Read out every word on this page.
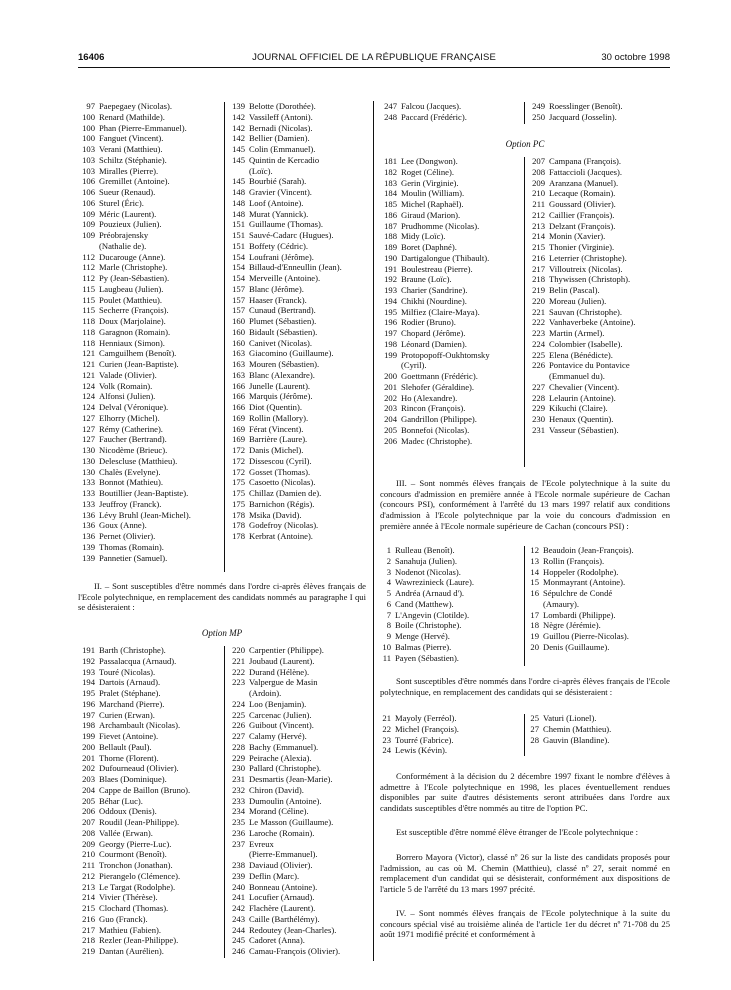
16406	JOURNAL OFFICIEL DE LA RÉPUBLIQUE FRANÇAISE	30 octobre 1998
97 Paepegaey (Nicolas).
100 Renard (Mathilde).
100 Phan (Pierre-Emmanuel).
100 Fanguet (Vincent).
103 Verani (Matthieu).
103 Schiltz (Stéphanie).
103 Miralles (Pierre).
106 Gremillet (Antoine).
106 Sueur (Renaud).
106 Sturel (Éric).
109 Méric (Laurent).
109 Pouzieux (Julien).
109 Préobrajensky
(Nathalie de).
112 Ducarouge (Anne).
112 Marle (Christophe).
112 Py (Jean-Sébastien).
115 Laugbeau (Julien).
115 Poulet (Matthieu).
115 Secherre (François).
118 Doux (Marjolaine).
118 Garagnon (Romain).
118 Henniaux (Simon).
121 Camguilhem (Benoît).
121 Curien (Jean-Baptiste).
121 Valade (Olivier).
124 Volk (Romain).
124 Alfonsi (Julien).
124 Delval (Véronique).
127 Elhorry (Michel).
127 Rémy (Catherine).
127 Faucher (Bertrand).
130 Nicodème (Brieuc).
130 Delescluse (Matthieu).
130 Chalès (Evelyne).
133 Bonnot (Mathieu).
133 Boutillier (Jean-Baptiste).
133 Jeuffroy (Franck).
136 Lévy Bruhl (Jean-Michel).
136 Goux (Anne).
136 Pernet (Olivier).
139 Thomas (Romain).
139 Pannetier (Samuel).
139 Belotte (Dorothée).
142 Vassileff (Antoni).
142 Bernadi (Nicolas).
142 Bellier (Damien).
145 Colin (Emmanuel).
145 Quintin de Kercadio
(Loïc).
145 Bourbié (Sarah).
148 Gravier (Vincent).
148 Loof (Antoine).
148 Murat (Yannick).
151 Guillaume (Thomas).
151 Sauvé-Cadarc (Hugues).
151 Boffety (Cédric).
154 Loufrani (Jérôme).
154 Billaud-d'Enneullin (Jean).
154 Merveille (Antoine).
157 Blanc (Jérôme).
157 Haaser (Franck).
157 Cunaud (Bertrand).
160 Plumet (Sébastien).
160 Bidault (Sébastien).
160 Canivet (Nicolas).
163 Giacomino (Guillaume).
163 Mouren (Sébastien).
163 Blanc (Alexandre).
166 Junelle (Laurent).
166 Marquis (Jérôme).
166 Diot (Quentin).
169 Rollin (Mallory).
169 Férat (Vincent).
169 Barrière (Laure).
172 Danis (Michel).
172 Dissescou (Cyril).
172 Gosset (Thomas).
175 Casoetto (Nicolas).
175 Chillaz (Damien de).
175 Barnichon (Régis).
178 Msika (David).
178 Godefroy (Nicolas).
178 Kerbrat (Antoine).
II. – Sont susceptibles d'être nommés dans l'ordre ci-après élèves français de l'Ecole polytechnique, en remplacement des candidats nommés au paragraphe I qui se désisteraient :
Option MP
191 Barth (Christophe).
192 Passalacqua (Arnaud).
193 Touré (Nicolas).
194 Dartois (Arnaud).
195 Pralet (Stéphane).
196 Marchand (Pierre).
197 Curien (Erwan).
198 Archambault (Nicolas).
199 Fievet (Antoine).
200 Bellault (Paul).
201 Thorne (Florent).
202 Dufourneaud (Olivier).
203 Blaes (Dominique).
204 Cappe de Baillon (Bruno).
205 Béhar (Luc).
206 Oddoux (Denis).
207 Roudil (Jean-Philippe).
208 Vallée (Erwan).
209 Georgy (Pierre-Luc).
210 Courmont (Benoît).
211 Tronchon (Jonathan).
212 Pierangelo (Clémence).
213 Le Targat (Rodolphe).
214 Vivier (Thérèse).
215 Clochard (Thomas).
216 Guo (Franck).
217 Mathieu (Fabien).
218 Rezler (Jean-Philippe).
219 Dantan (Aurélien).
220 Carpentier (Philippe).
221 Joubaud (Laurent).
222 Durand (Hélène).
223 Valpergue de Masin
(Ardoin).
224 Loo (Benjamin).
225 Carcenac (Julien).
226 Guibout (Vincent).
227 Calamy (Hervé).
228 Bachy (Emmanuel).
229 Peirache (Alexia).
230 Pallard (Christophe).
231 Desmartis (Jean-Marie).
232 Chiron (David).
233 Dumoulin (Antoine).
234 Morand (Céline).
235 Le Masson (Guillaume).
236 Laroche (Romain).
237 Evreux
(Pierre-Emmanuel).
238 Daviaud (Olivier).
239 Deflin (Marc).
240 Bonneau (Antoine).
241 Locufier (Arnaud).
242 Flachère (Laurent).
243 Caille (Barthélémy).
244 Redoutey (Jean-Charles).
245 Cadoret (Anna).
246 Camau-François (Olivier).
247 Falcou (Jacques).
248 Paccard (Frédéric).
249 Roesslinger (Benoît).
250 Jacquard (Josselin).
Option PC
181 Lee (Dongwon).
182 Roget (Céline).
183 Gerin (Virginie).
184 Moulin (William).
185 Michel (Raphaël).
186 Giraud (Marion).
187 Prudhomme (Nicolas).
188 Midy (Loïc).
189 Boret (Daphné).
190 Dartigalongue (Thibault).
191 Boulestreau (Pierre).
192 Braune (Loïc).
193 Charier (Sandrine).
194 Chikhi (Nourdine).
195 Milfiez (Claire-Maya).
196 Rodier (Bruno).
197 Chopard (Jérôme).
198 Léonard (Damien).
199 Protopopoff-Oukhtomsky
(Cyril).
200 Goettmann (Frédéric).
201 Slehofer (Géraldine).
202 Ho (Alexandre).
203 Rincon (François).
204 Gandrillon (Philippe).
205 Bonnefoi (Nicolas).
206 Madec (Christophe).
207 Campana (François).
208 Fattaccioli (Jacques).
209 Aranzana (Manuel).
210 Lecaque (Romain).
211 Goussard (Olivier).
212 Caillier (François).
213 Delzant (François).
214 Monin (Xavier).
215 Thonier (Virginie).
216 Leterrier (Christophe).
217 Villoutreix (Nicolas).
218 Thywissen (Christoph).
219 Belin (Pascal).
220 Moreau (Julien).
221 Sauvan (Christophe).
222 Vanhaverbeke (Antoine).
223 Martin (Armel).
224 Colombier (Isabelle).
225 Elena (Bénédicte).
226 Pontavice du Pontavice
(Emmanuel du).
227 Chevalier (Vincent).
228 Lelaurin (Antoine).
229 Kikuchi (Claire).
230 Henaux (Quentin).
231 Vasseur (Sébastien).
III. – Sont nommés élèves français de l'Ecole polytechnique à la suite du concours d'admission en première année à l'Ecole normale supérieure de Cachan (concours PSI), conformément à l'arrêté du 13 mars 1997 relatif aux conditions d'admission à l'Ecole polytechnique par la voie du concours d'admission en première année à l'Ecole normale supérieure de Cachan (concours PSI) :
1 Rulleau (Benoît).
2 Sanahuja (Julien).
3 Nodenot (Nicolas).
4 Wawrezinieck (Laure).
5 Andréa (Arnaud d').
6 Cand (Matthew).
7 L'Angevin (Clotilde).
8 Boile (Christophe).
9 Menge (Hervé).
10 Balmas (Pierre).
11 Payen (Sébastien).
12 Beaudoin (Jean-François).
13 Rollin (François).
14 Hoppeler (Rodolphe).
15 Monmayrant (Antoine).
16 Sépulchre de Condé
(Amaury).
17 Lombardi (Philippe).
18 Nègre (Jérémie).
19 Guillou (Pierre-Nicolas).
20 Denis (Guillaume).
Sont susceptibles d'être nommés dans l'ordre ci-après élèves français de l'Ecole polytechnique, en remplacement des candidats qui se désisteraient :
21 Mayoly (Ferréol).
22 Michel (François).
23 Tourré (Fabrice).
24 Lewis (Kévin).
25 Vaturi (Lionel).
27 Chemin (Matthieu).
28 Gauvin (Blandine).
Conformément à la décision du 2 décembre 1997 fixant le nombre d'élèves à admettre à l'Ecole polytechnique en 1998, les places éventuellement rendues disponibles par suite d'autres désistements seront attribuées dans l'ordre aux candidats susceptibles d'être nommés au titre de l'option PC.
Est susceptible d'être nommé élève étranger de l'Ecole polytechnique :
Borrero Mayora (Victor), classé nº 26 sur la liste des candidats proposés pour l'admission, au cas où M. Chemin (Matthieu), classé nº 27, serait nommé en remplacement d'un candidat qui se désisterait, conformément aux dispositions de l'article 5 de l'arrêté du 13 mars 1997 précité.
IV. – Sont nommés élèves français de l'Ecole polytechnique à la suite du concours spécial visé au troisième alinéa de l'article 1er du décret nº 71-708 du 25 août 1971 modifié précité et conformément à
